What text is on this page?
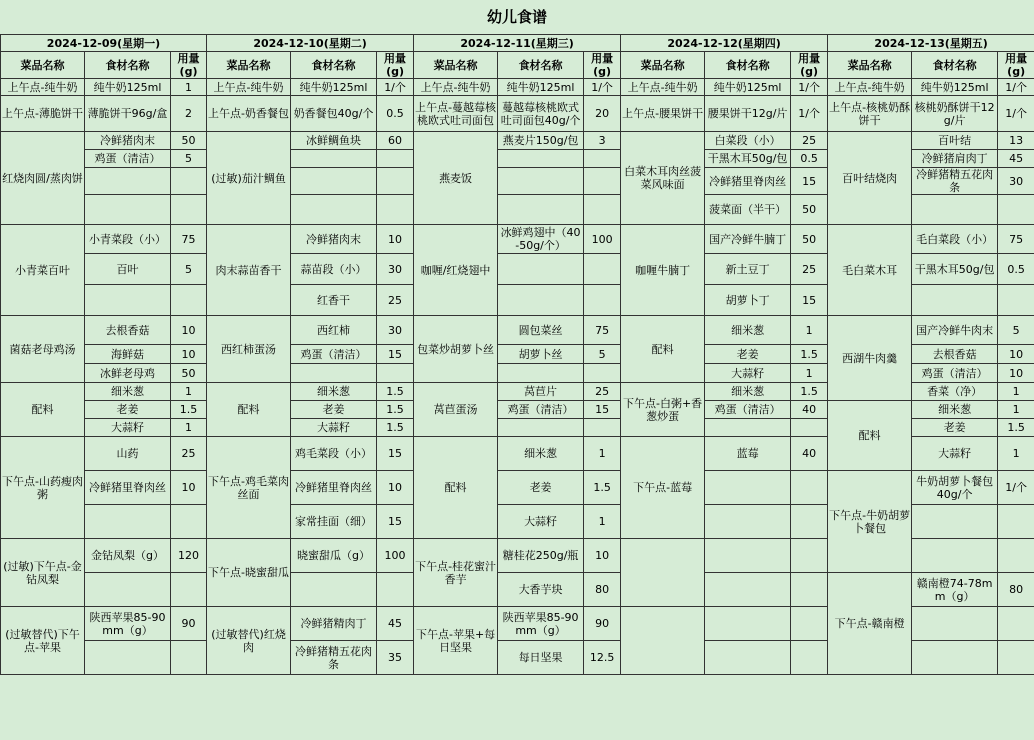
幼儿食谱
2024-12-09(星期一)			2024-12-10(星期二)			2024-12-11(星期三)			2024-12-12(星期四)			2024-12-13(星期五)		
菜品名称	食材名称	用量(g)	菜品名称	食材名称	用量(g)	菜品名称	食材名称	用量(g)	菜品名称	食材名称	用量(g)	菜品名称	食材名称	用量(g)
上午点-纯牛奶	纯牛奶125ml	1	上午点-纯牛奶	纯牛奶125ml	1/个	上午点-纯牛奶	纯牛奶125ml	1/个	上午点-纯牛奶	纯牛奶125ml	1/个	上午点-纯牛奶	纯牛奶125ml	1/个
上午点-薄脆饼干	薄脆饼干96g/盒	2	上午点-奶香餐包	奶香餐包40g/个	0.5	上午点-蔓越莓核桃欧式吐司面包	蔓越莓核桃欧式吐司面包40g/个	20	上午点-腰果饼干	腰果饼干12g/片	1/个	上午点-核桃奶酥饼干	核桃奶酥饼干12g/片	1/个
红烧肉圆/蒸肉饼	冷鲜猪肉末	50	(过敏)茄汁鲷鱼	冰鲜鲷鱼块	60	燕麦饭	燕麦片150g/包	3	白菜木耳肉丝菠菜风味面	白菜段（小）	25	百叶结烧肉	百叶结	13
	鸡蛋（清洁）	5								干黑木耳50g/包	0.5		冷鲜猪肩肉丁	45
										冷鲜猪里脊肉丝	15		冷鲜猪精五花肉条	30
										菠菜面（半干）	50			
小青菜百叶	小青菜段（小）	75	肉末蒜苗香干	冷鲜猪肉末	10	咖喱/红烧翅中	冰鲜鸡翅中（40-50g/个）	100	咖喱牛腩丁	国产冷鲜牛腩丁	50	毛白菜木耳	毛白菜段（小）	75
	百叶	5		蒜苗段（小）	30					新土豆丁	25		干黑木耳50g/包	0.5
				红香干	25					胡萝卜丁	15			
菌菇老母鸡汤	去根香菇	10	西红柿蛋汤	西红柿	30	包菜炒胡萝卜丝	圆包菜丝	75	配料	细米葱	1	西湖牛肉羹	国产冷鲜牛肉末	5
	海鲜菇	10		鸡蛋（清洁）	15		胡萝卜丝	5		老姜	1.5		去根香菇	10
	冰鲜老母鸡	50								大蒜籽	1		鸡蛋（清洁）	10
配料	细米葱	1	配料	细米葱	1.5	莴苣蛋汤	莴苣片	25	下午点-白粥+香葱炒蛋	细米葱	1.5		香菜（净）	1
	老姜	1.5		老姜	1.5		鸡蛋（清洁）	15		鸡蛋（清洁）	40	配料	细米葱	1
	大蒜籽	1		大蒜籽	1.5								老姜	1.5
下午点-山药瘦肉粥	山药	25	下午点-鸡毛菜肉丝面	鸡毛菜段（小）	15	配料	细米葱	1	下午点-蓝莓	蓝莓	40		大蒜籽	1
	冷鲜猪里脊肉丝	10		冷鲜猪里脊肉丝	10		老姜	1.5				下午点-牛奶胡萝卜餐包	牛奶胡萝卜餐包40g/个	1/个
				家常挂面（细）	15		大蒜籽	1						
(过敏)下午点-金钻凤梨	金钻凤梨（g）	120	下午点-晓蜜甜瓜	晓蜜甜瓜（g）	100	下午点-桂花蜜汁香芋	糖桂花250g/瓶	10						
							大香芋块	80				下午点-赣南橙	赣南橙74-78mm（g）	80
(过敏替代)下午点-苹果	陕西苹果85-90mm（g）	90	(过敏替代)红烧肉	冷鲜猪精肉丁	45	下午点-苹果+每日坚果	陕西苹果85-90mm（g）	90						
				冷鲜猪精五花肉条	35		每日坚果	12.5						
